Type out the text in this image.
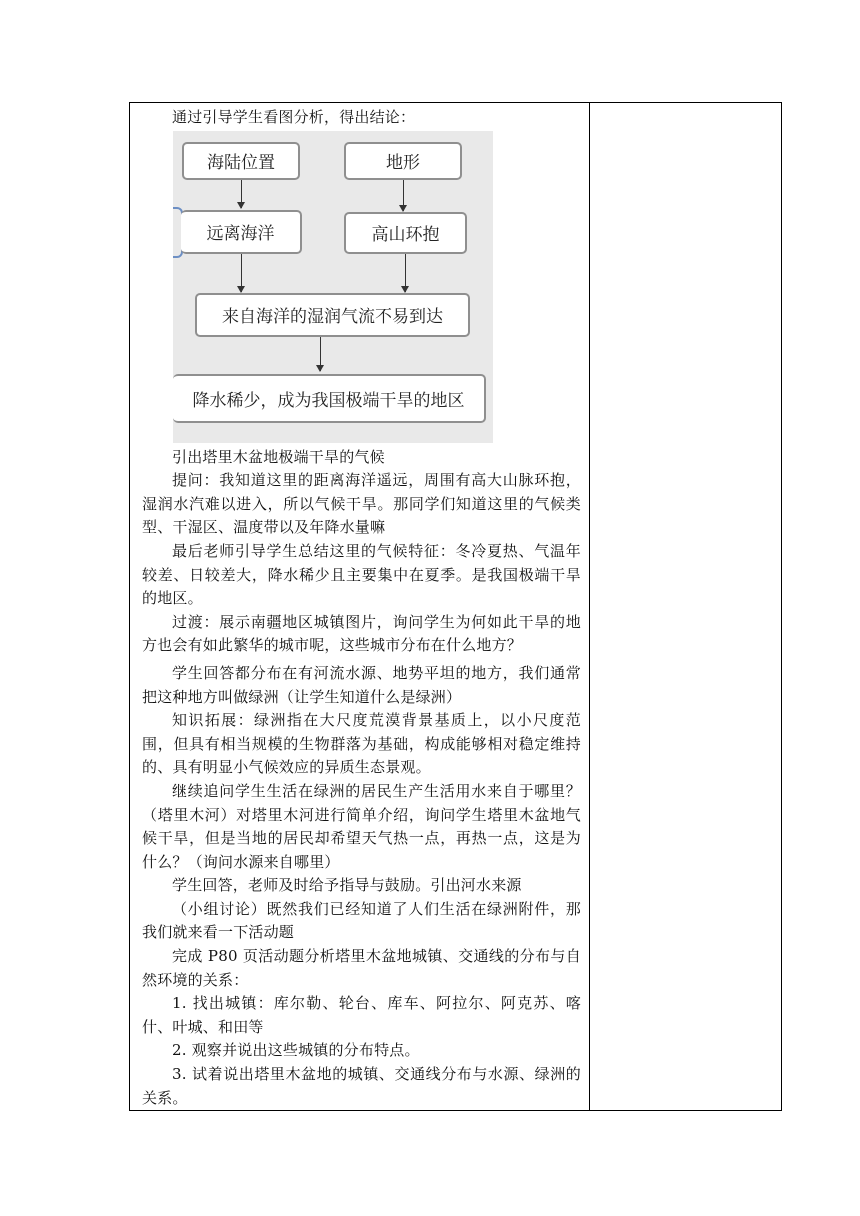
通过引导学生看图分析，得出结论：

海陆位置	地形
远离海洋	高山环抱
来自海洋的湿润气流不易到达
降水稀少，成为我国极端干旱的地区

引出塔里木盆地极端干旱的气候

提问：我知道这里的距离海洋遥远，周围有高大山脉环抱，湿润水汽难以进入，所以气候干旱。那同学们知道这里的气候类型、干湿区、温度带以及年降水量嘛

最后老师引导学生总结这里的气候特征：冬冷夏热、气温年较差、日较差大，降水稀少且主要集中在夏季。是我国极端干旱的地区。

过渡：展示南疆地区城镇图片，询问学生为何如此干旱的地方也会有如此繁华的城市呢，这些城市分布在什么地方？

学生回答都分布在有河流水源、地势平坦的地方，我们通常把这种地方叫做绿洲（让学生知道什么是绿洲）

知识拓展：绿洲指在大尺度荒漠背景基质上，以小尺度范围，但具有相当规模的生物群落为基础，构成能够相对稳定维持的、具有明显小气候效应的异质生态景观。

继续追问学生生活在绿洲的居民生产生活用水来自于哪里？（塔里木河）对塔里木河进行简单介绍，询问学生塔里木盆地气候干旱，但是当地的居民却希望天气热一点，再热一点，这是为什么？（询问水源来自哪里）

学生回答，老师及时给予指导与鼓励。引出河水来源

（小组讨论）既然我们已经知道了人们生活在绿洲附件，那我们就来看一下活动题

完成 P80 页活动题分析塔里木盆地城镇、交通线的分布与自然环境的关系：

1. 找出城镇：库尔勒、轮台、库车、阿拉尔、阿克苏、喀什、叶城、和田等

2. 观察并说出这些城镇的分布特点。

3. 试着说出塔里木盆地的城镇、交通线分布与水源、绿洲的关系。
